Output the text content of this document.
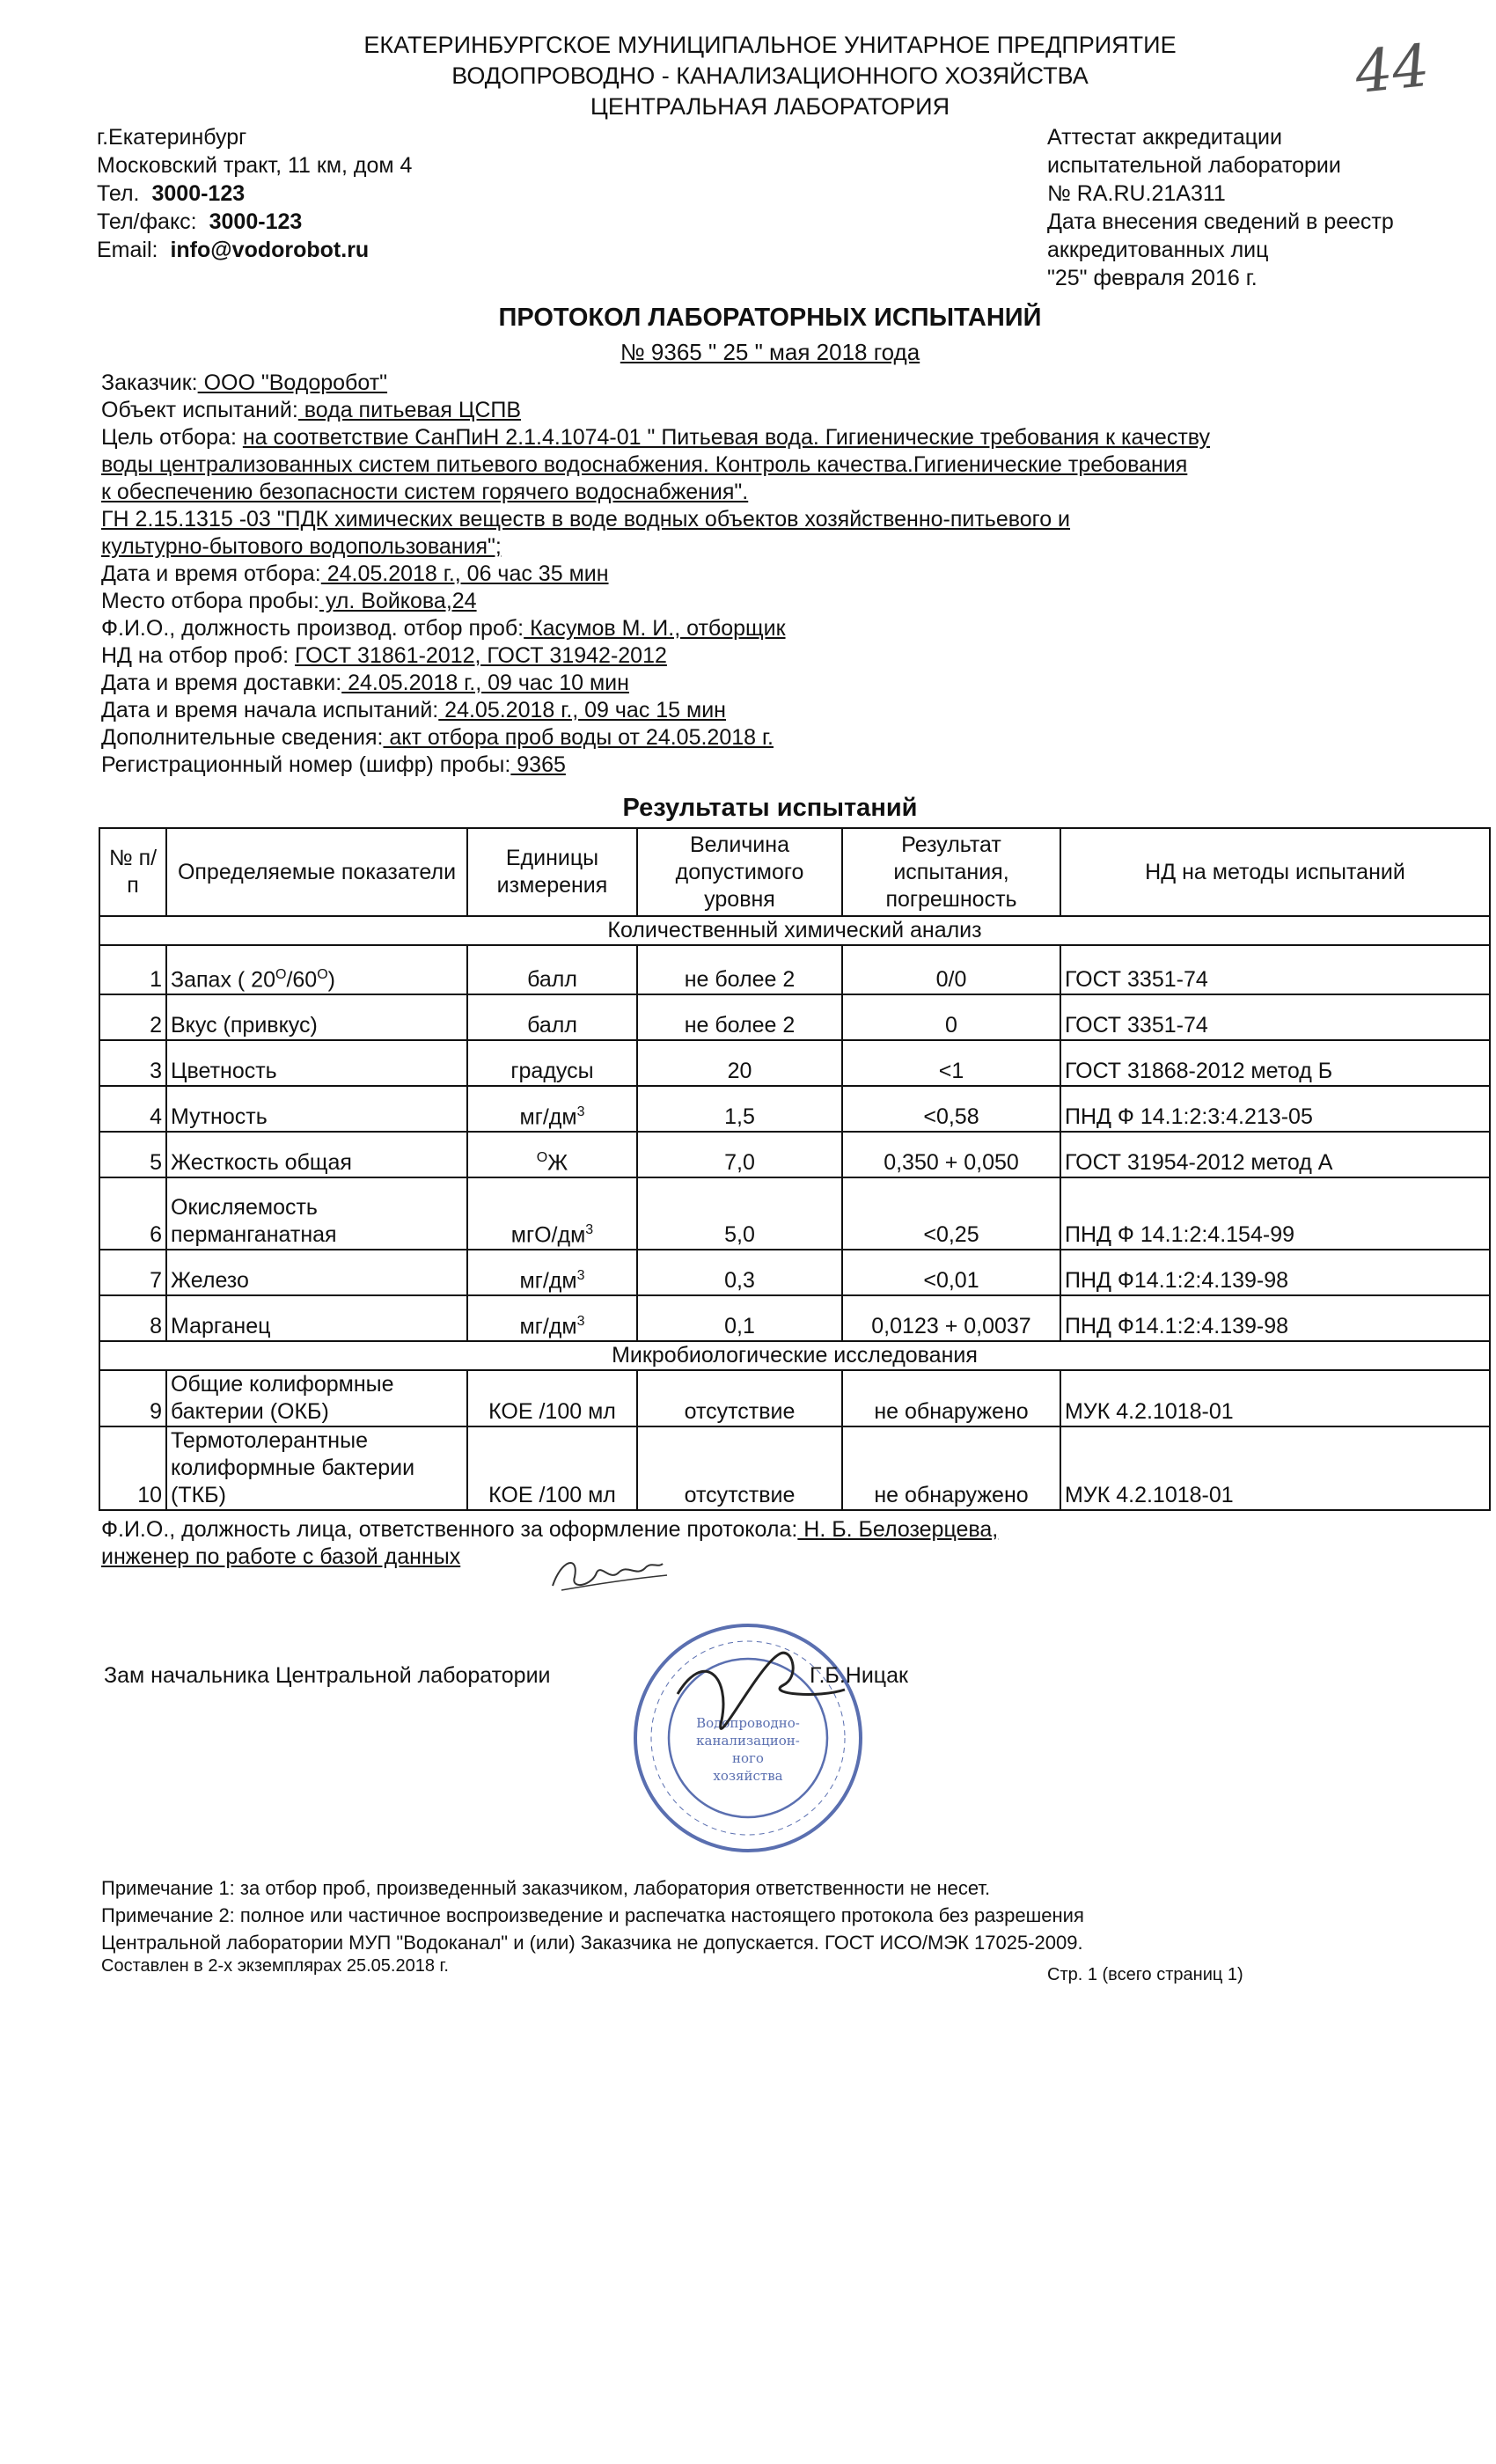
44
ЕКАТЕРИНБУРГСКОЕ МУНИЦИПАЛЬНОЕ УНИТАРНОЕ ПРЕДПРИЯТИЕ
ВОДОПРОВОДНО - КАНАЛИЗАЦИОННОГО ХОЗЯЙСТВА
ЦЕНТРАЛЬНАЯ ЛАБОРАТОРИЯ
г.Екатеринбург
Московский тракт, 11 км, дом 4
Тел. 3000-123
Тел/факс: 3000-123
Email: info@vodorobot.ru
Аттестат аккредитации
испытательной лаборатории
№ RA.RU.21A311
Дата внесения сведений в реестр
аккредитованных лиц
"25" февраля 2016 г.
ПРОТОКОЛ ЛАБОРАТОРНЫХ ИСПЫТАНИЙ
№ 9365 " 25 " мая 2018 года
Заказчик: ООО "Водоробот"
Объект испытаний: вода питьевая ЦСПВ
Цель отбора: на соответствие СанПиН 2.1.4.1074-01 " Питьевая вода. Гигиенические требования к качеству
воды централизованных систем питьевого водоснабжения. Контроль качества.Гигиенические требования
к обеспечению безопасности систем горячего водоснабжения".
ГН 2.15.1315 -03 "ПДК химических веществ в воде водных объектов хозяйственно-питьевого и
культурно-бытового водопользования";
Дата и время отбора: 24.05.2018 г., 06 час 35 мин
Место отбора пробы: ул. Войкова,24
Ф.И.О., должность производ. отбор проб: Касумов М. И., отборщик
НД на отбор проб: ГОСТ 31861-2012, ГОСТ 31942-2012
Дата и время доставки: 24.05.2018 г., 09 час 10 мин
Дата и время начала испытаний: 24.05.2018 г., 09 час 15 мин
Дополнительные сведения: акт отбора проб воды от 24.05.2018 г.
Регистрационный номер (шифр) пробы: 9365
Результаты испытаний
№ п/п	Определяемые показатели	Единицы измерения	Величина допустимого уровня	Результат испытания, погрешность	НД на методы испытаний
Количественный химический анализ					
1	Запах ( $20^О/60^О$)	балл	не более 2	0/0	ГОСТ 3351-74
2	Вкус (привкус)	балл	не более 2	0	ГОСТ 3351-74
3	Цветность	градусы	20	<1	ГОСТ 31868-2012 метод Б
4	Мутность	$мг/дм^3$	1,5	<0,58	ПНД Ф 14.1:2:3:4.213-05
5	Жесткость общая	$^О$Ж	7,0	0,350 + 0,050	ГОСТ 31954-2012 метод А
6	Окисляемость
перманганатная	мгО/$дм^3$	5,0	<0,25	ПНД Ф 14.1:2:4.154-99
7	Железо	$мг/дм^3$	0,3	<0,01	ПНД Ф14.1:2:4.139-98
8	Марганец	$мг/дм^3$	0,1	0,0123 + 0,0037	ПНД Ф14.1:2:4.139-98
Микробиологические исследования					
9	Общие колиформные
бактерии (ОКБ)	КОЕ /100 мл	отсутствие	не обнаружено	МУК 4.2.1018-01
10	Термотолерантные
колиформные бактерии
(ТКБ)	КОЕ /100 мл	отсутствие	не обнаружено	МУК 4.2.1018-01
Ф.И.О., должность лица, ответственного за оформление протокола: Н. Б. Белозерцева,
инженер по работе с базой данных
Водопроводно-
канализацион-
ного
хозяйства
Зам начальника Центральной лаборатории	Г.Б.Ницак
Примечание 1: за отбор проб, произведенный заказчиком, лаборатория ответственности не несет.
Примечание 2: полное или частичное воспроизведение и распечатка настоящего протокола без разрешения
Центральной лаборатории МУП "Водоканал" и (или) Заказчика не допускается. ГОСТ ИСО/МЭК 17025-2009.
Составлен в 2-х экземплярах 25.05.2018 г.	Стр. 1 (всего страниц 1)
